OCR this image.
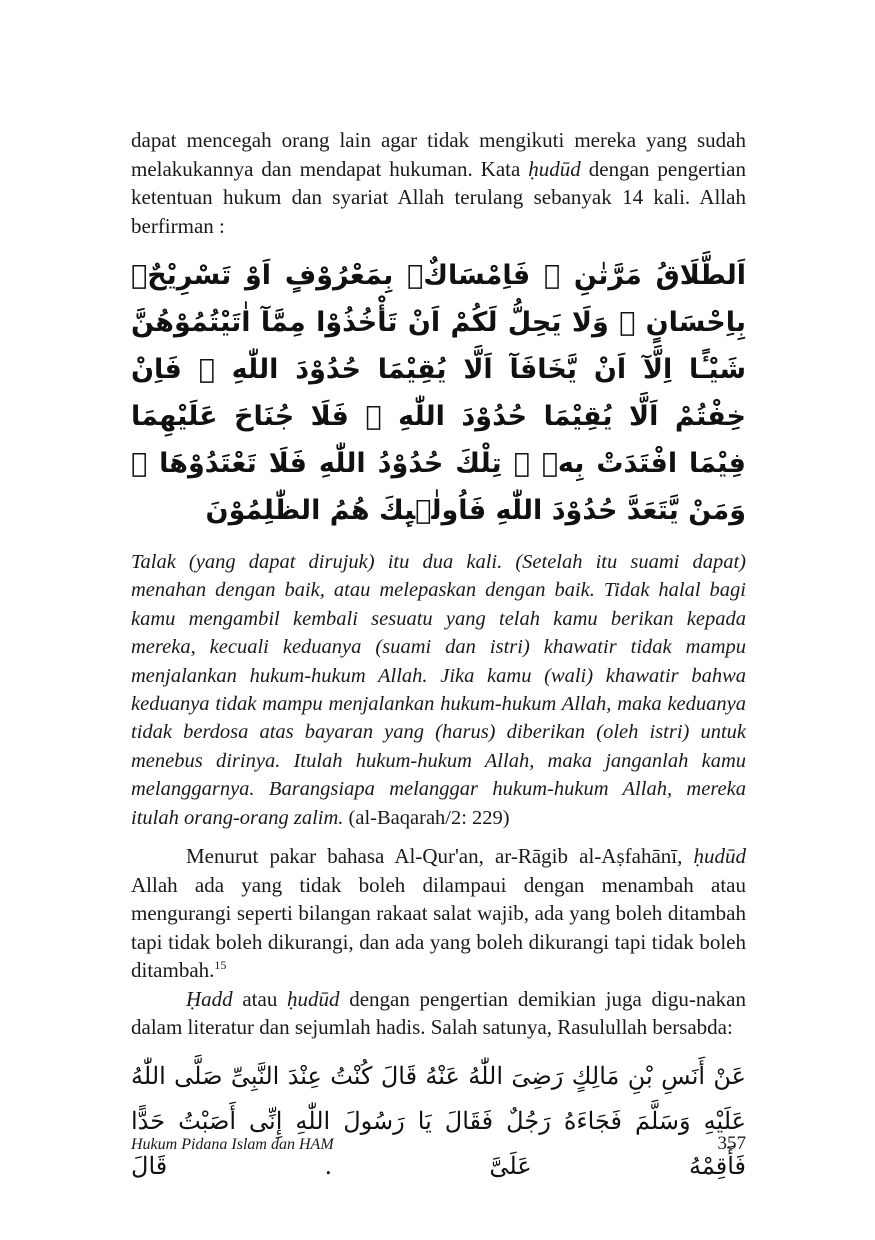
dapat mencegah orang lain agar tidak mengikuti mereka yang sudah melakukannya dan mendapat hukuman. Kata ḥudūd dengan pengertian ketentuan hukum dan syariat Allah terulang sebanyak 14 kali. Allah berfirman :

اَلطَّلَاقُ مَرَّتٰنِ ۖ فَاِمْسَاكٌۢ بِمَعْرُوْفٍ اَوْ تَسْرِيْحٌۢ بِاِحْسَانٍ ۗ وَلَا يَحِلُّ لَكُمْ اَنْ تَأْخُذُوْا مِمَّآ اٰتَيْتُمُوْهُنَّ شَيْـًٔا اِلَّآ اَنْ يَّخَافَآ اَلَّا يُقِيْمَا حُدُوْدَ اللّٰهِ ۗ فَاِنْ خِفْتُمْ اَلَّا يُقِيْمَا حُدُوْدَ اللّٰهِ ۙ فَلَا جُنَاحَ عَلَيْهِمَا فِيْمَا افْتَدَتْ بِهٖ ۗ تِلْكَ حُدُوْدُ اللّٰهِ فَلَا تَعْتَدُوْهَا ۚ وَمَنْ يَّتَعَدَّ حُدُوْدَ اللّٰهِ فَاُولٰۤىِٕكَ هُمُ الظّٰلِمُوْنَ

Talak (yang dapat dirujuk) itu dua kali. (Setelah itu suami dapat) menahan dengan baik, atau melepaskan dengan baik. Tidak halal bagi kamu mengambil kembali sesuatu yang telah kamu berikan kepada mereka, kecuali keduanya (suami dan istri) khawatir tidak mampu menjalankan hukum-hukum Allah. Jika kamu (wali) khawatir bahwa keduanya tidak mampu menjalankan hukum-hukum Allah, maka keduanya tidak berdosa atas bayaran yang (harus) diberikan (oleh istri) untuk menebus dirinya. Itulah hukum-hukum Allah, maka janganlah kamu melanggarnya. Barangsiapa melanggar hukum-hukum Allah, mereka itulah orang-orang zalim. (al-Baqarah/2: 229)

Menurut pakar bahasa Al-Qur'an, ar-Rāgib al-Aṣfahānī, ḥudūd Allah ada yang tidak boleh dilampaui dengan menambah atau mengurangi seperti bilangan rakaat salat wajib, ada yang boleh ditambah tapi tidak boleh dikurangi, dan ada yang boleh dikurangi tapi tidak boleh ditambah.$^{15}$

Ḥadd atau ḥudūd dengan pengertian demikian juga digu-nakan dalam literatur dan sejumlah hadis. Salah satunya, Rasulullah bersabda:

عَنْ أَنَسِ بْنِ مَالِكٍ رَضِىَ اللّٰهُ عَنْهُ قَالَ كُنْتُ عِنْدَ النَّبِىِّ صَلَّى اللّٰهُ عَلَيْهِ وَسَلَّمَ فَجَاءَهُ رَجُلٌ فَقَالَ يَا رَسُولَ اللّٰهِ إِنِّى أَصَبْتُ حَدًّا فَأَقِمْهُ عَلَىَّ . قَالَ

Hukum Pidana Islam dan HAM	357
